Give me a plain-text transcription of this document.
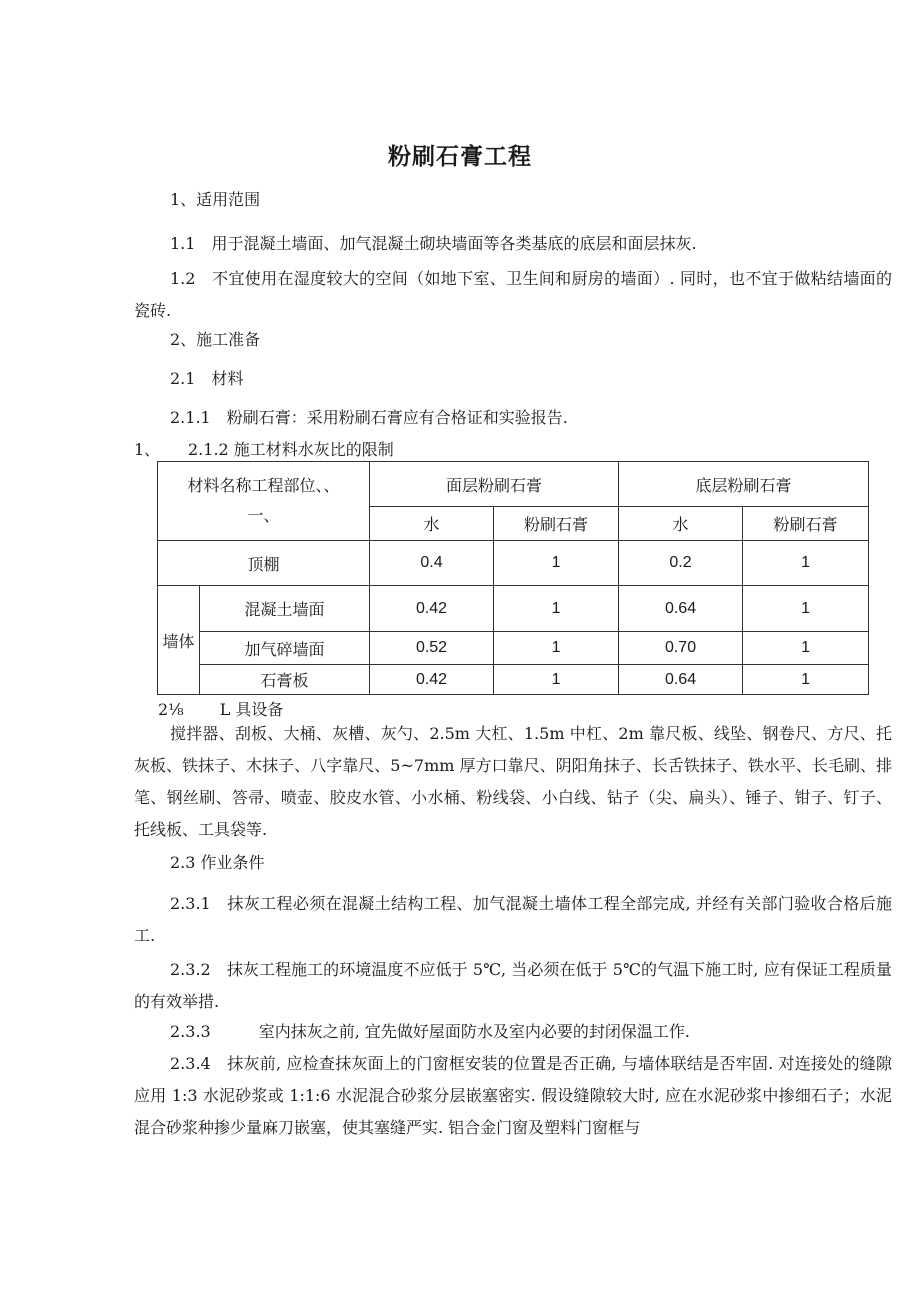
粉刷石膏工程
1、适用范围

1.1　用于混凝土墙面、加气混凝土砌块墙面等各类基底的底层和面层抹灰.

1.2　不宜使用在湿度较大的空间（如地下室、卫生间和厨房的墙面）. 同时，也不宜于做粘结墙面的瓷砖.

2、施工准备
2.1　材料
2.1.1　粉刷石膏：采用粉刷石膏应有合格证和实验报告.
1、 2.1.2 施工材料水灰比的限制
材料名称工程部位、、一、		面层粉刷石膏		底层粉刷石膏	
		水	粉刷石膏	水	粉刷石膏
顶棚		0.4	1	0.2	1
墙体	混凝土墙面	0.42	1	0.64	1
	加气碎墙面	0.52	1	0.70	1
	石膏板	0.42	1	0.64	1
2⅛ L 具设备

搅拌器、刮板、大桶、灰槽、灰勺、2.5m 大杠、1.5m 中杠、2m 靠尺板、线坠、钢卷尺、方尺、托灰板、铁抹子、木抹子、八字靠尺、5~7mm 厚方口靠尺、阴阳角抹子、长舌铁抹子、铁水平、长毛刷、排笔、钢丝刷、答帚、喷壶、胶皮水管、小水桶、粉线袋、小白线、钻子（尖、扁头）、锤子、钳子、钉子、托线板、工具袋等.

2.3 作业条件

2.3.1　抹灰工程必须在混凝土结构工程、加气混凝土墙体工程全部完成, 并经有关部门验收合格后施工.

2.3.2　抹灰工程施工的环境温度不应低于 5℃, 当必须在低于 5℃的气温下施工时, 应有保证工程质量的有效举措.

2.3.3　　　室内抹灰之前, 宜先做好屋面防水及室内必要的封闭保温工作.

2.3.4　抹灰前, 应检查抹灰面上的门窗框安装的位置是否正确, 与墙体联结是否牢固. 对连接处的缝隙应用 1:3 水泥砂浆或 1:1:6 水泥混合砂浆分层嵌塞密实. 假设缝隙较大时, 应在水泥砂浆中掺细石子；水泥混合砂浆种掺少量麻刀嵌塞，使其塞缝严实. 铝合金门窗及塑料门窗框与
